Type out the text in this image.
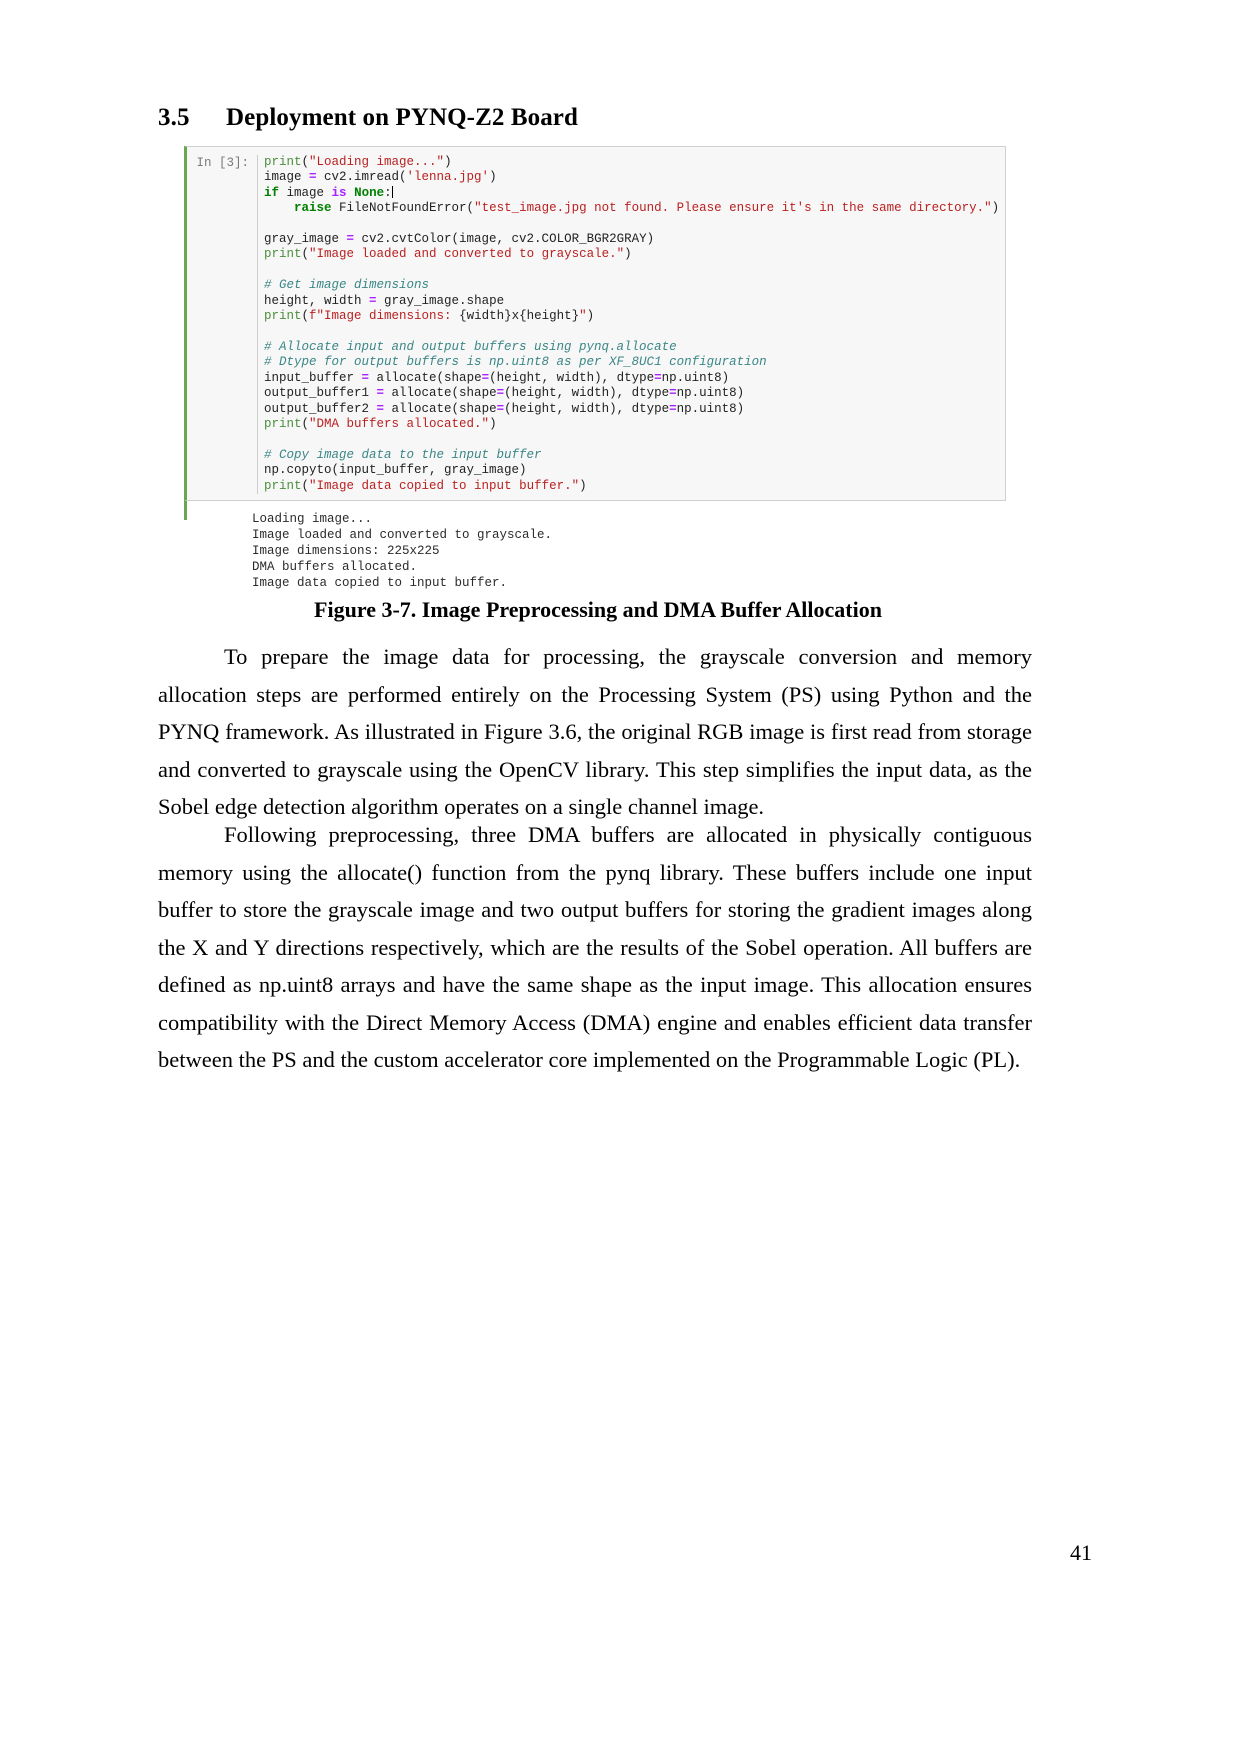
3.5 Deployment on PYNQ-Z2 Board
In [3]:	print("Loading image...")
image = cv2.imread('lenna.jpg')
if image is None:
raise FileNotFoundError("test_image.jpg not found. Please ensure it's in the same directory.")

gray_image = cv2.cvtColor(image, cv2.COLOR_BGR2GRAY)
print("Image loaded and converted to grayscale.")

# Get image dimensions
height, width = gray_image.shape
print(f"Image dimensions: {width}x{height}")

# Allocate input and output buffers using pynq.allocate
# Dtype for output buffers is np.uint8 as per XF_8UC1 configuration
input_buffer = allocate(shape=(height, width), dtype=np.uint8)
output_buffer1 = allocate(shape=(height, width), dtype=np.uint8)
output_buffer2 = allocate(shape=(height, width), dtype=np.uint8)
print("DMA buffers allocated.")

# Copy image data to the input buffer
np.copyto(input_buffer, gray_image)
print("Image data copied to input buffer.")
Loading image...
Image loaded and converted to grayscale.
Image dimensions: 225x225
DMA buffers allocated.
Image data copied to input buffer.
Figure 3-7. Image Preprocessing and DMA Buffer Allocation

To prepare the image data for processing, the grayscale conversion and memory allocation steps are performed entirely on the Processing System (PS) using Python and the PYNQ framework. As illustrated in Figure 3.6, the original RGB image is first read from storage and converted to grayscale using the OpenCV library. This step simplifies the input data, as the Sobel edge detection algorithm operates on a single channel image.

Following preprocessing, three DMA buffers are allocated in physically contiguous memory using the allocate() function from the pynq library. These buffers include one input buffer to store the grayscale image and two output buffers for storing the gradient images along the X and Y directions respectively, which are the results of the Sobel operation. All buffers are defined as np.uint8 arrays and have the same shape as the input image. This allocation ensures compatibility with the Direct Memory Access (DMA) engine and enables efficient data transfer between the PS and the custom accelerator core implemented on the Programmable Logic (PL).

41
